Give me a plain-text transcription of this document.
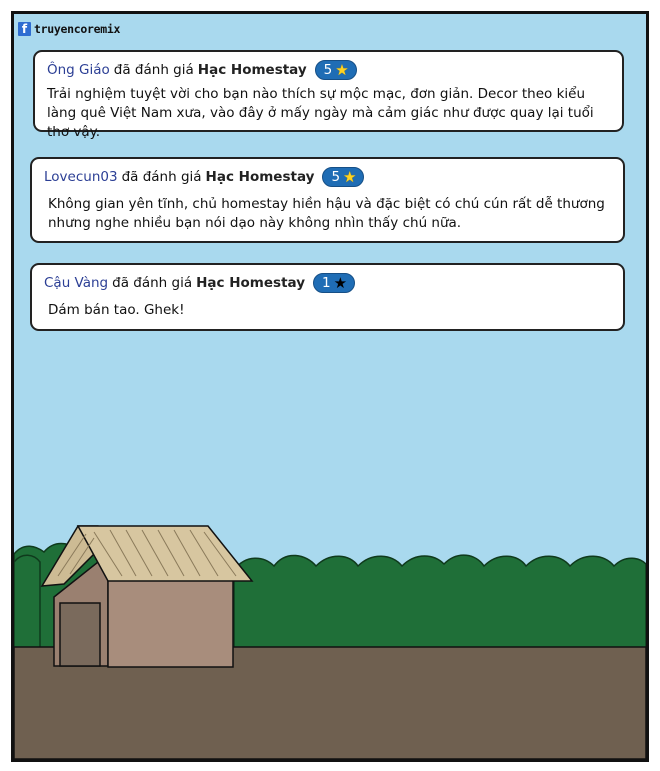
f truyencoremix
Ông Giáo đã đánh giá Hạc Homestay 5 ★
Trải nghiệm tuyệt vời cho bạn nào thích sự mộc mạc, đơn giản. Decor theo kiểu làng quê Việt Nam xưa, vào đây ở mấy ngày mà cảm giác như được quay lại tuổi thơ vậy.
Lovecun03 đã đánh giá Hạc Homestay 5 ★
Không gian yên tĩnh, chủ homestay hiền hậu và đặc biệt có chú cún rất dễ thương nhưng nghe nhiều bạn nói dạo này không nhìn thấy chú nữa.
Cậu Vàng đã đánh giá Hạc Homestay 1 ★
Dám bán tao. Ghek!
